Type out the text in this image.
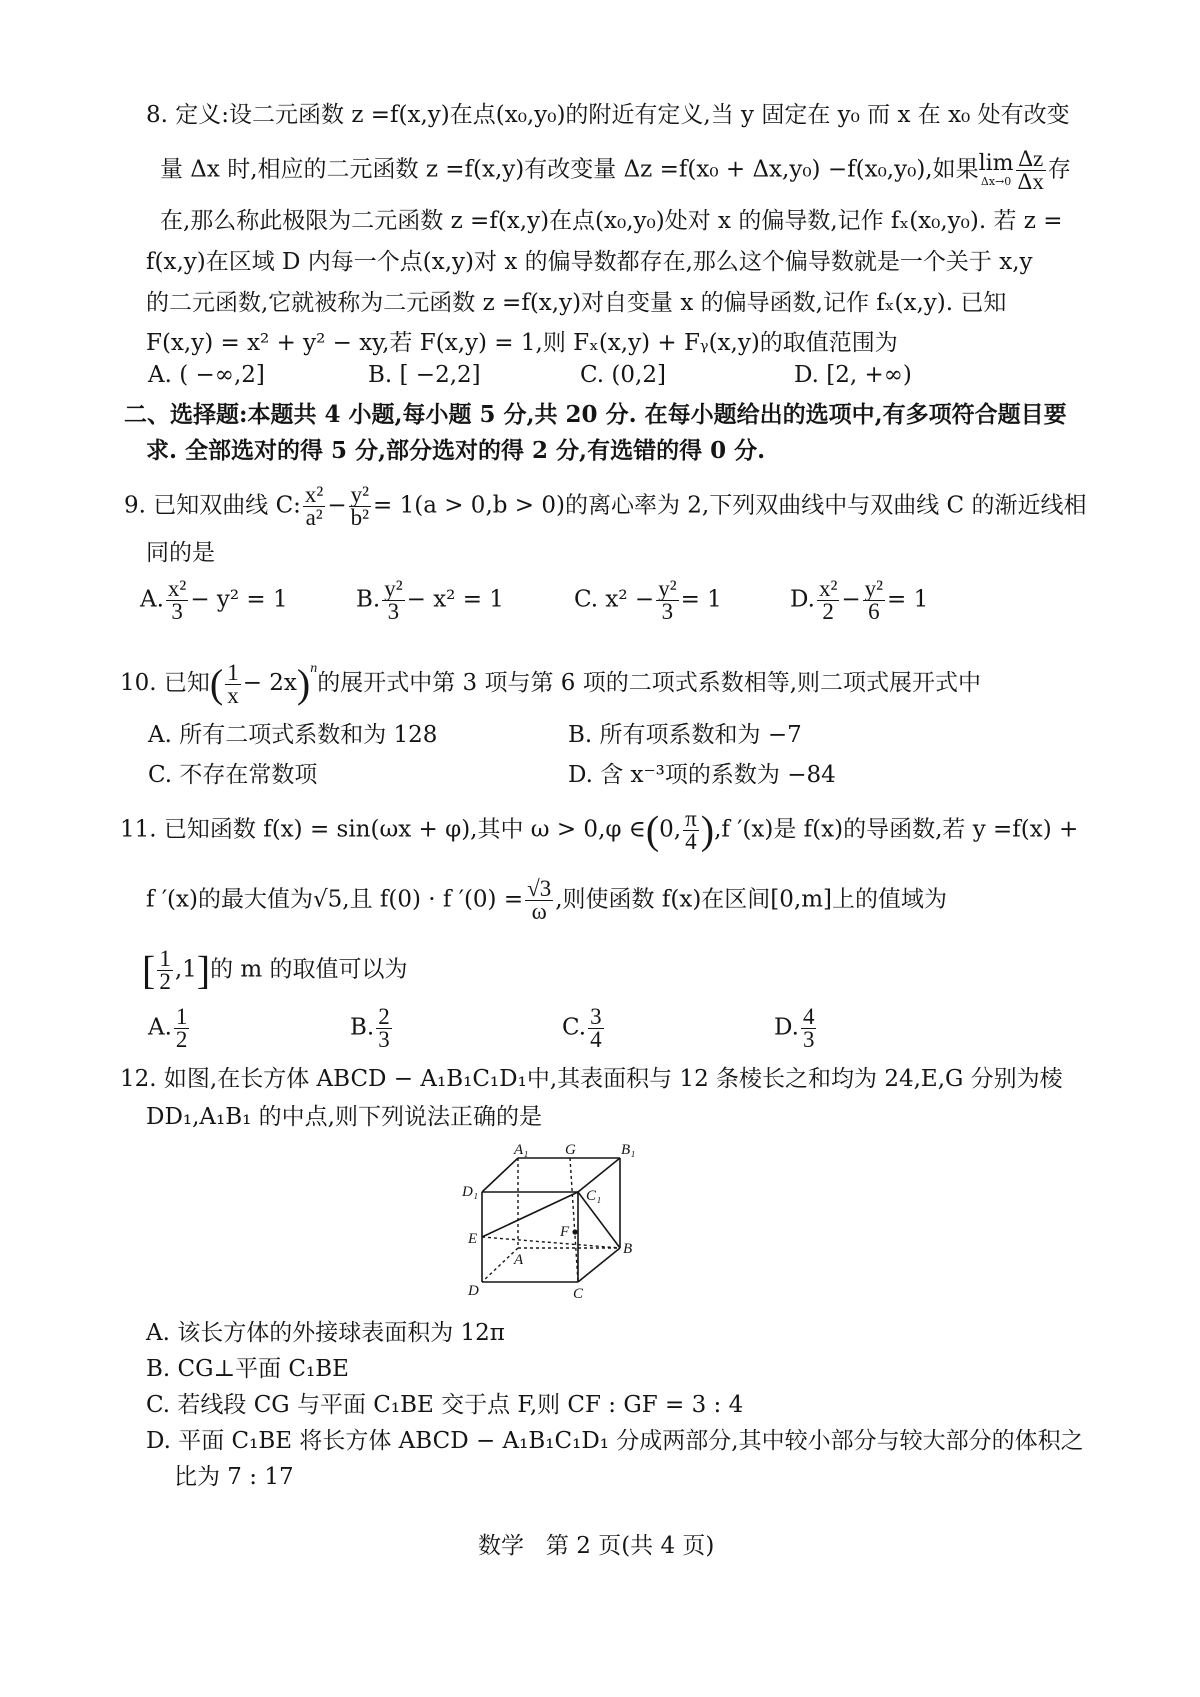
8. 定义:设二元函数 z =f(x,y)在点(x₀,y₀)的附近有定义,当 y 固定在 y₀ 而 x 在 x₀ 处有改变
量 Δx 时,相应的二元函数 z =f(x,y)有改变量 Δz =f(x₀ + Δx,y₀) −f(x₀,y₀),如果 lim
$\Delta x\to 0 \frac{\Delta z}{\Delta x}$ 存
在,那么称此极限为二元函数 z =f(x,y)在点(x₀,y₀)处对 x 的偏导数,记作 fₓ(x₀,y₀). 若 z =
f(x,y)在区域 D 内每一个点(x,y)对 x 的偏导数都存在,那么这个偏导数就是一个关于 x,y
的二元函数,它就被称为二元函数 z =f(x,y)对自变量 x 的偏导函数,记作 fₓ(x,y). 已知
F(x,y) = x² + y² − xy,若 F(x,y) = 1,则 Fₓ(x,y) + Fᵧ(x,y)的取值范围为
A. ( −∞,2]	B. [ −2,2]	C. (0,2]	D. [2, +∞)
二、选择题:本题共 4 小题,每小题 5 分,共 20 分. 在每小题给出的选项中,有多项符合题目要
求. 全部选对的得 5 分,部分选对的得 2 分,有选错的得 0 分.
9. 已知双曲线 C: $\frac{\text{x²}}{\text{a²}} - \frac{\text{y²}}{\text{b²}} = 1(a > 0,b > 0)$的离心率为 2,下列双曲线中与双曲线 C 的渐近线相
同的是
A. $\frac{\text{x²}}{3} - y^2 = 1$	B. $\frac{\text{y²}}{3} - x^2 = 1$	C. $x^2 - \frac{\text{y²}}{3} = 1$	D. $\frac{\text{x²}}{2} - \frac{\text{y²}}{6} = 1$
10. 已知( $\frac{1}{x} - 2x)^n$的展开式中第 3 项与第 6 项的二项式系数相等,则二项式展开式中
A. 所有二项式系数和为 128	B. 所有项系数和为 −7
C. 不存在常数项	D. 含 x⁻³项的系数为 −84
11. 已知函数 f(x) = sin(ωx + φ),其中 ω > 0,φ ∈(0, $\frac{\pi}{4} ),f$ ′(x)是 f(x)的导函数,若 y =f(x) +
f ′(x)的最大值为√5,且 f(0) · f $'(0) = \frac{√3}{\omega}$ ,则使函数 f(x)在区间[0,m]上的值域为
[ $\frac{1}{2} ,1$]的 m 的取值可以为
A. $\frac{1}{2}$	B. $\frac{2}{3}$	C. $\frac{3}{4}$	D. $\frac{4}{3}$
12. 如图,在长方体 ABCD − A₁B₁C₁D₁中,其表面积与 12 条棱长之和均为 24,E,G 分别为棱
DD₁,A₁B₁ 的中点,则下列说法正确的是
A₁ G	B₁
D₁	C₁
F
E
A
B
D	C
A. 该长方体的外接球表面积为 12π
B. CG⊥平面 C₁BE
C. 若线段 CG 与平面 C₁BE 交于点 F,则 CF : GF = 3 : 4
D. 平面 C₁BE 将长方体 ABCD − A₁B₁C₁D₁ 分成两部分,其中较小部分与较大部分的体积之
比为 7 : 17
数学   第 2 页(共 4 页)
